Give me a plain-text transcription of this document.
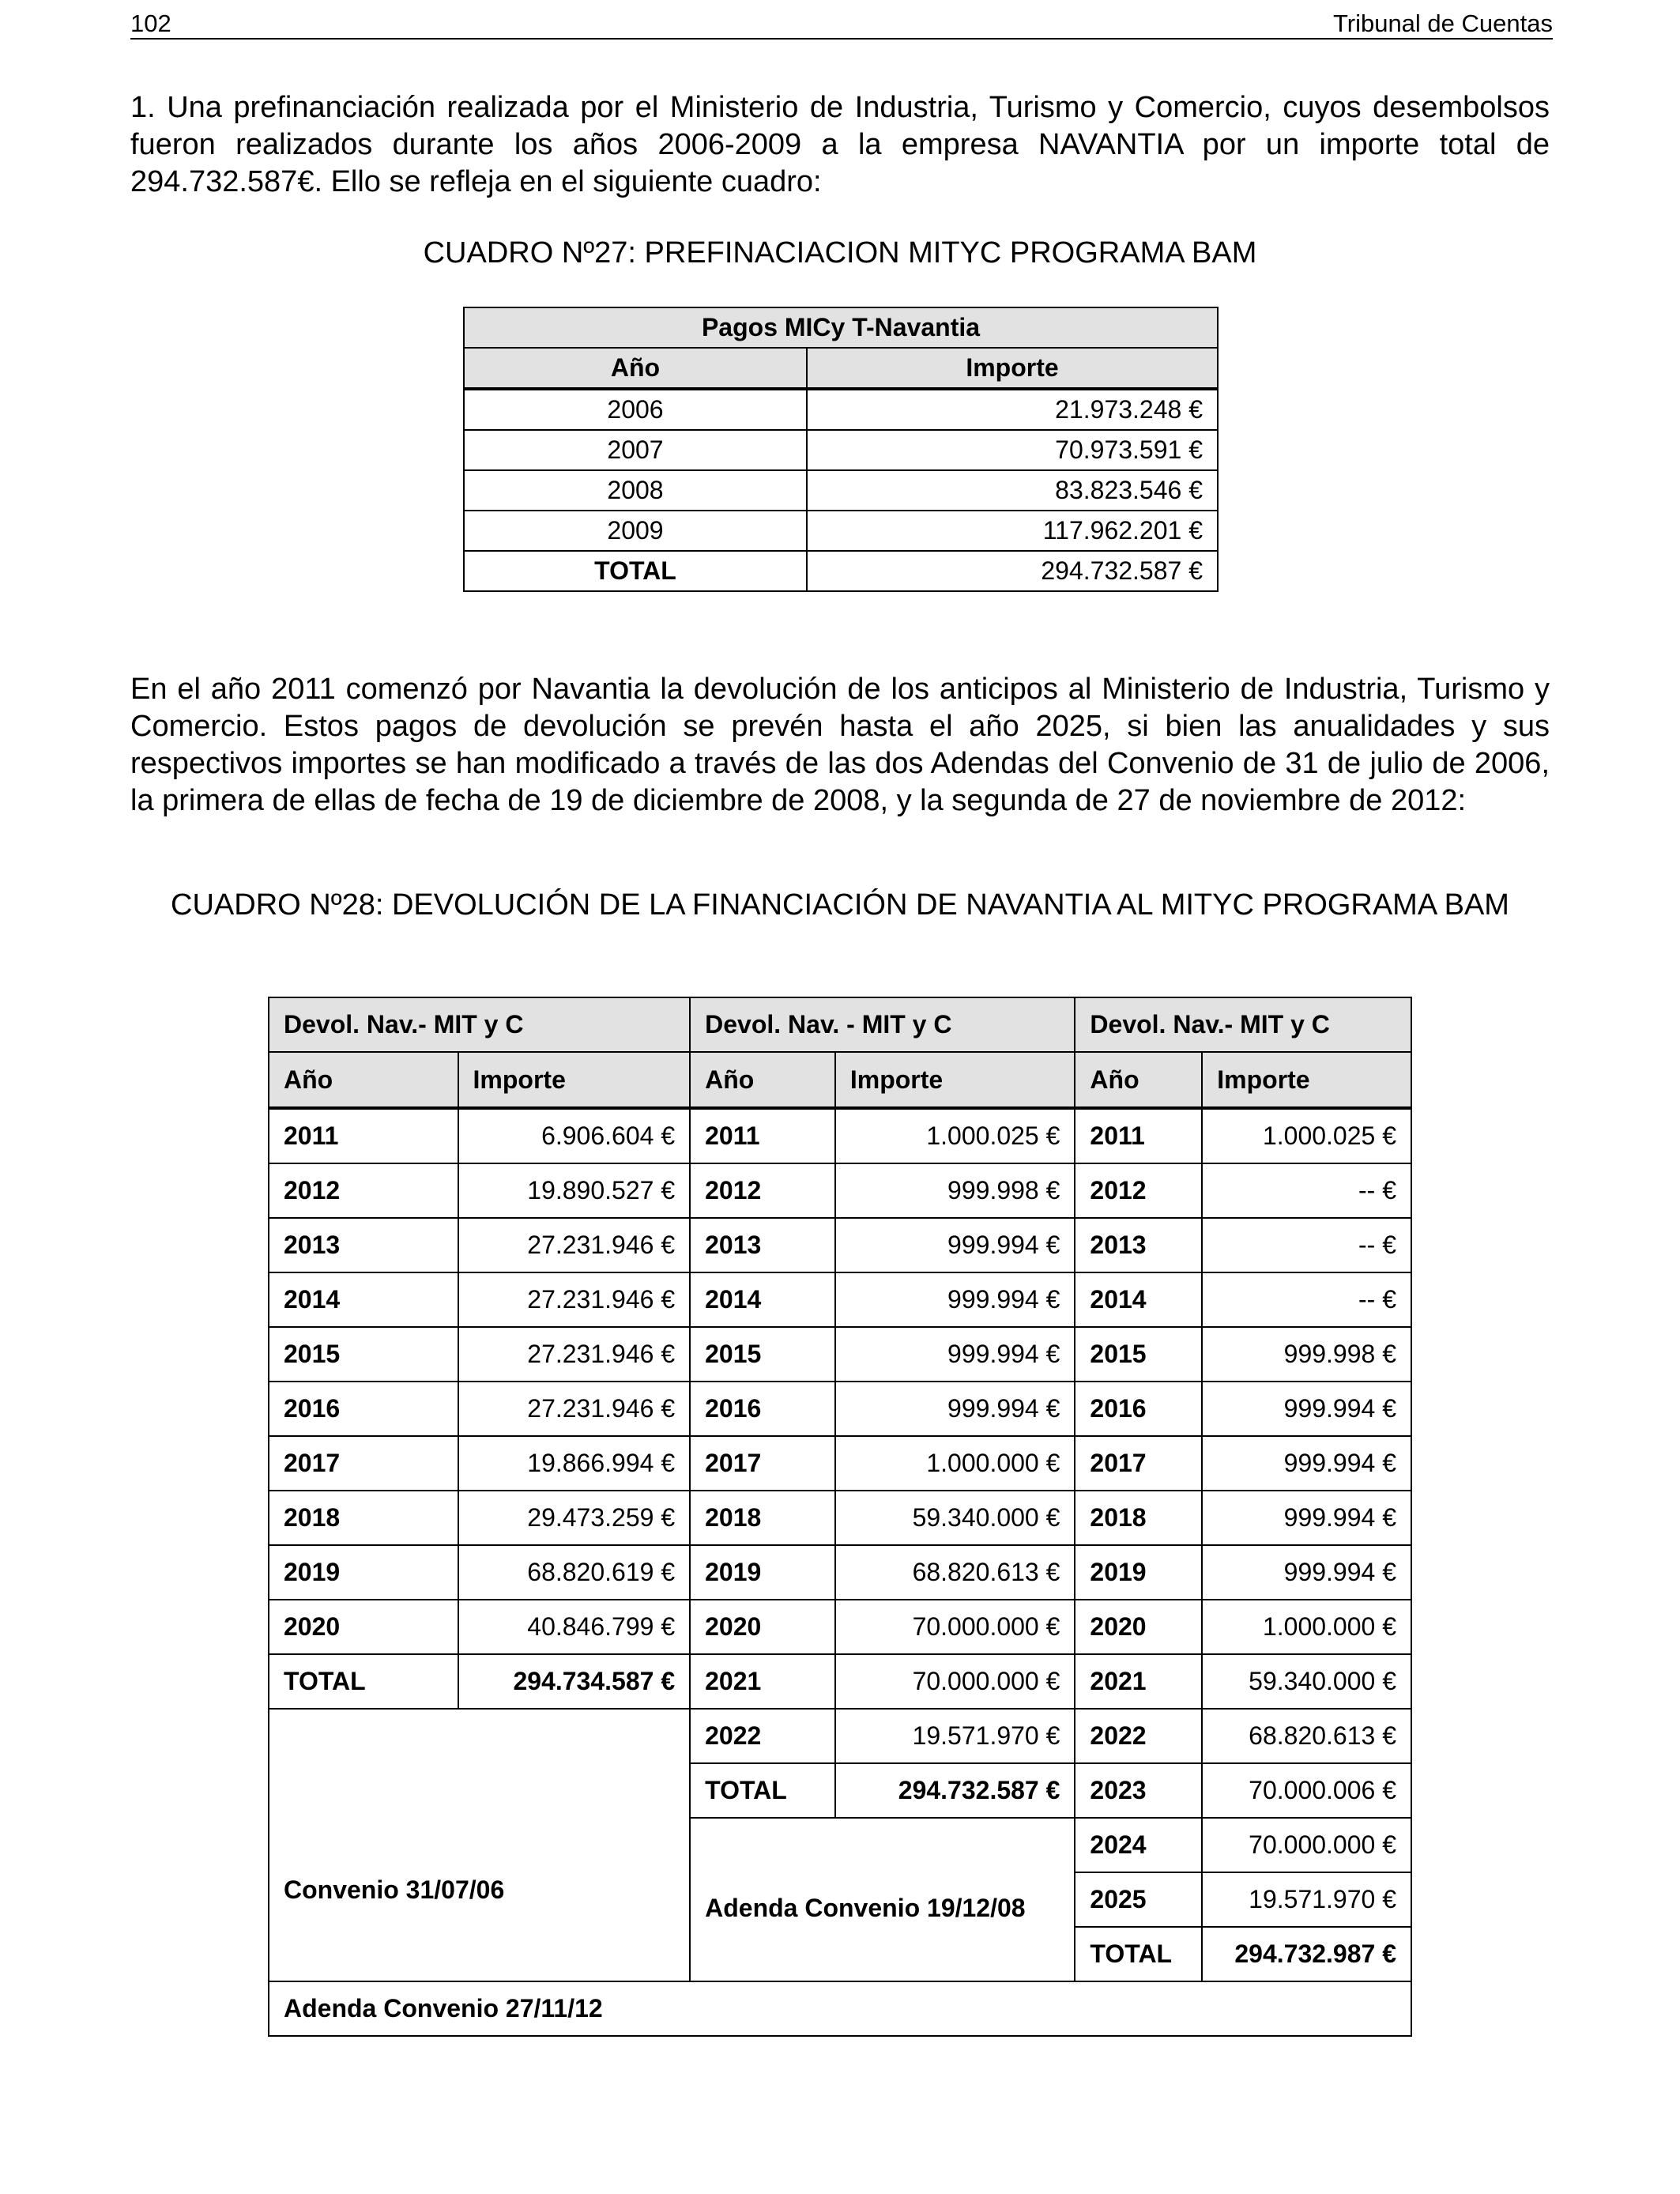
102	Tribunal de Cuentas

1. Una prefinanciación realizada por el Ministerio de Industria, Turismo y Comercio, cuyos desembolsos fueron realizados durante los años 2006-2009 a la empresa NAVANTIA por un importe total de 294.732.587€. Ello se refleja en el siguiente cuadro:

CUADRO Nº27: PREFINACIACION MITYC PROGRAMA BAM

Pagos MICy T-Navantia	
Año	Importe
2006	21.973.248 €
2007	70.973.591 €
2008	83.823.546 €
2009	117.962.201 €
TOTAL	294.732.587 €

En el año 2011 comenzó por Navantia la devolución de los anticipos al Ministerio de Industria, Turismo y Comercio. Estos pagos de devolución se prevén hasta el año 2025, si bien las anualidades y sus respectivos importes se han modificado a través de las dos Adendas del Convenio de 31 de julio de 2006, la primera de ellas de fecha de 19 de diciembre de 2008, y la segunda de 27 de noviembre de 2012:

CUADRO Nº28: DEVOLUCIÓN DE LA FINANCIACIÓN DE NAVANTIA AL MITYC PROGRAMA BAM

Devol. Nav.- MIT y C		Devol. Nav. - MIT y C		Devol. Nav.- MIT y C	
Año	Importe	Año	Importe	Año	Importe
2011	6.906.604 €	2011	1.000.025 €	2011	1.000.025 €
2012	19.890.527 €	2012	999.998 €	2012	-- €
2013	27.231.946 €	2013	999.994 €	2013	-- €
2014	27.231.946 €	2014	999.994 €	2014	-- €
2015	27.231.946 €	2015	999.994 €	2015	999.998 €
2016	27.231.946 €	2016	999.994 €	2016	999.994 €
2017	19.866.994 €	2017	1.000.000 €	2017	999.994 €
2018	29.473.259 €	2018	59.340.000 €	2018	999.994 €
2019	68.820.619 €	2019	68.820.613 €	2019	999.994 €
2020	40.846.799 €	2020	70.000.000 €	2020	1.000.000 €
TOTAL	294.734.587 €	2021	70.000.000 €	2021	59.340.000 €
Convenio 31/07/06		2022	19.571.970 €	2022	68.820.613 €
		TOTAL	294.732.587 €	2023	70.000.006 €
		Adenda Convenio 19/12/08		2024	70.000.000 €
				2025	19.571.970 €
				TOTAL	294.732.987 €
Adenda Convenio 27/11/12					
